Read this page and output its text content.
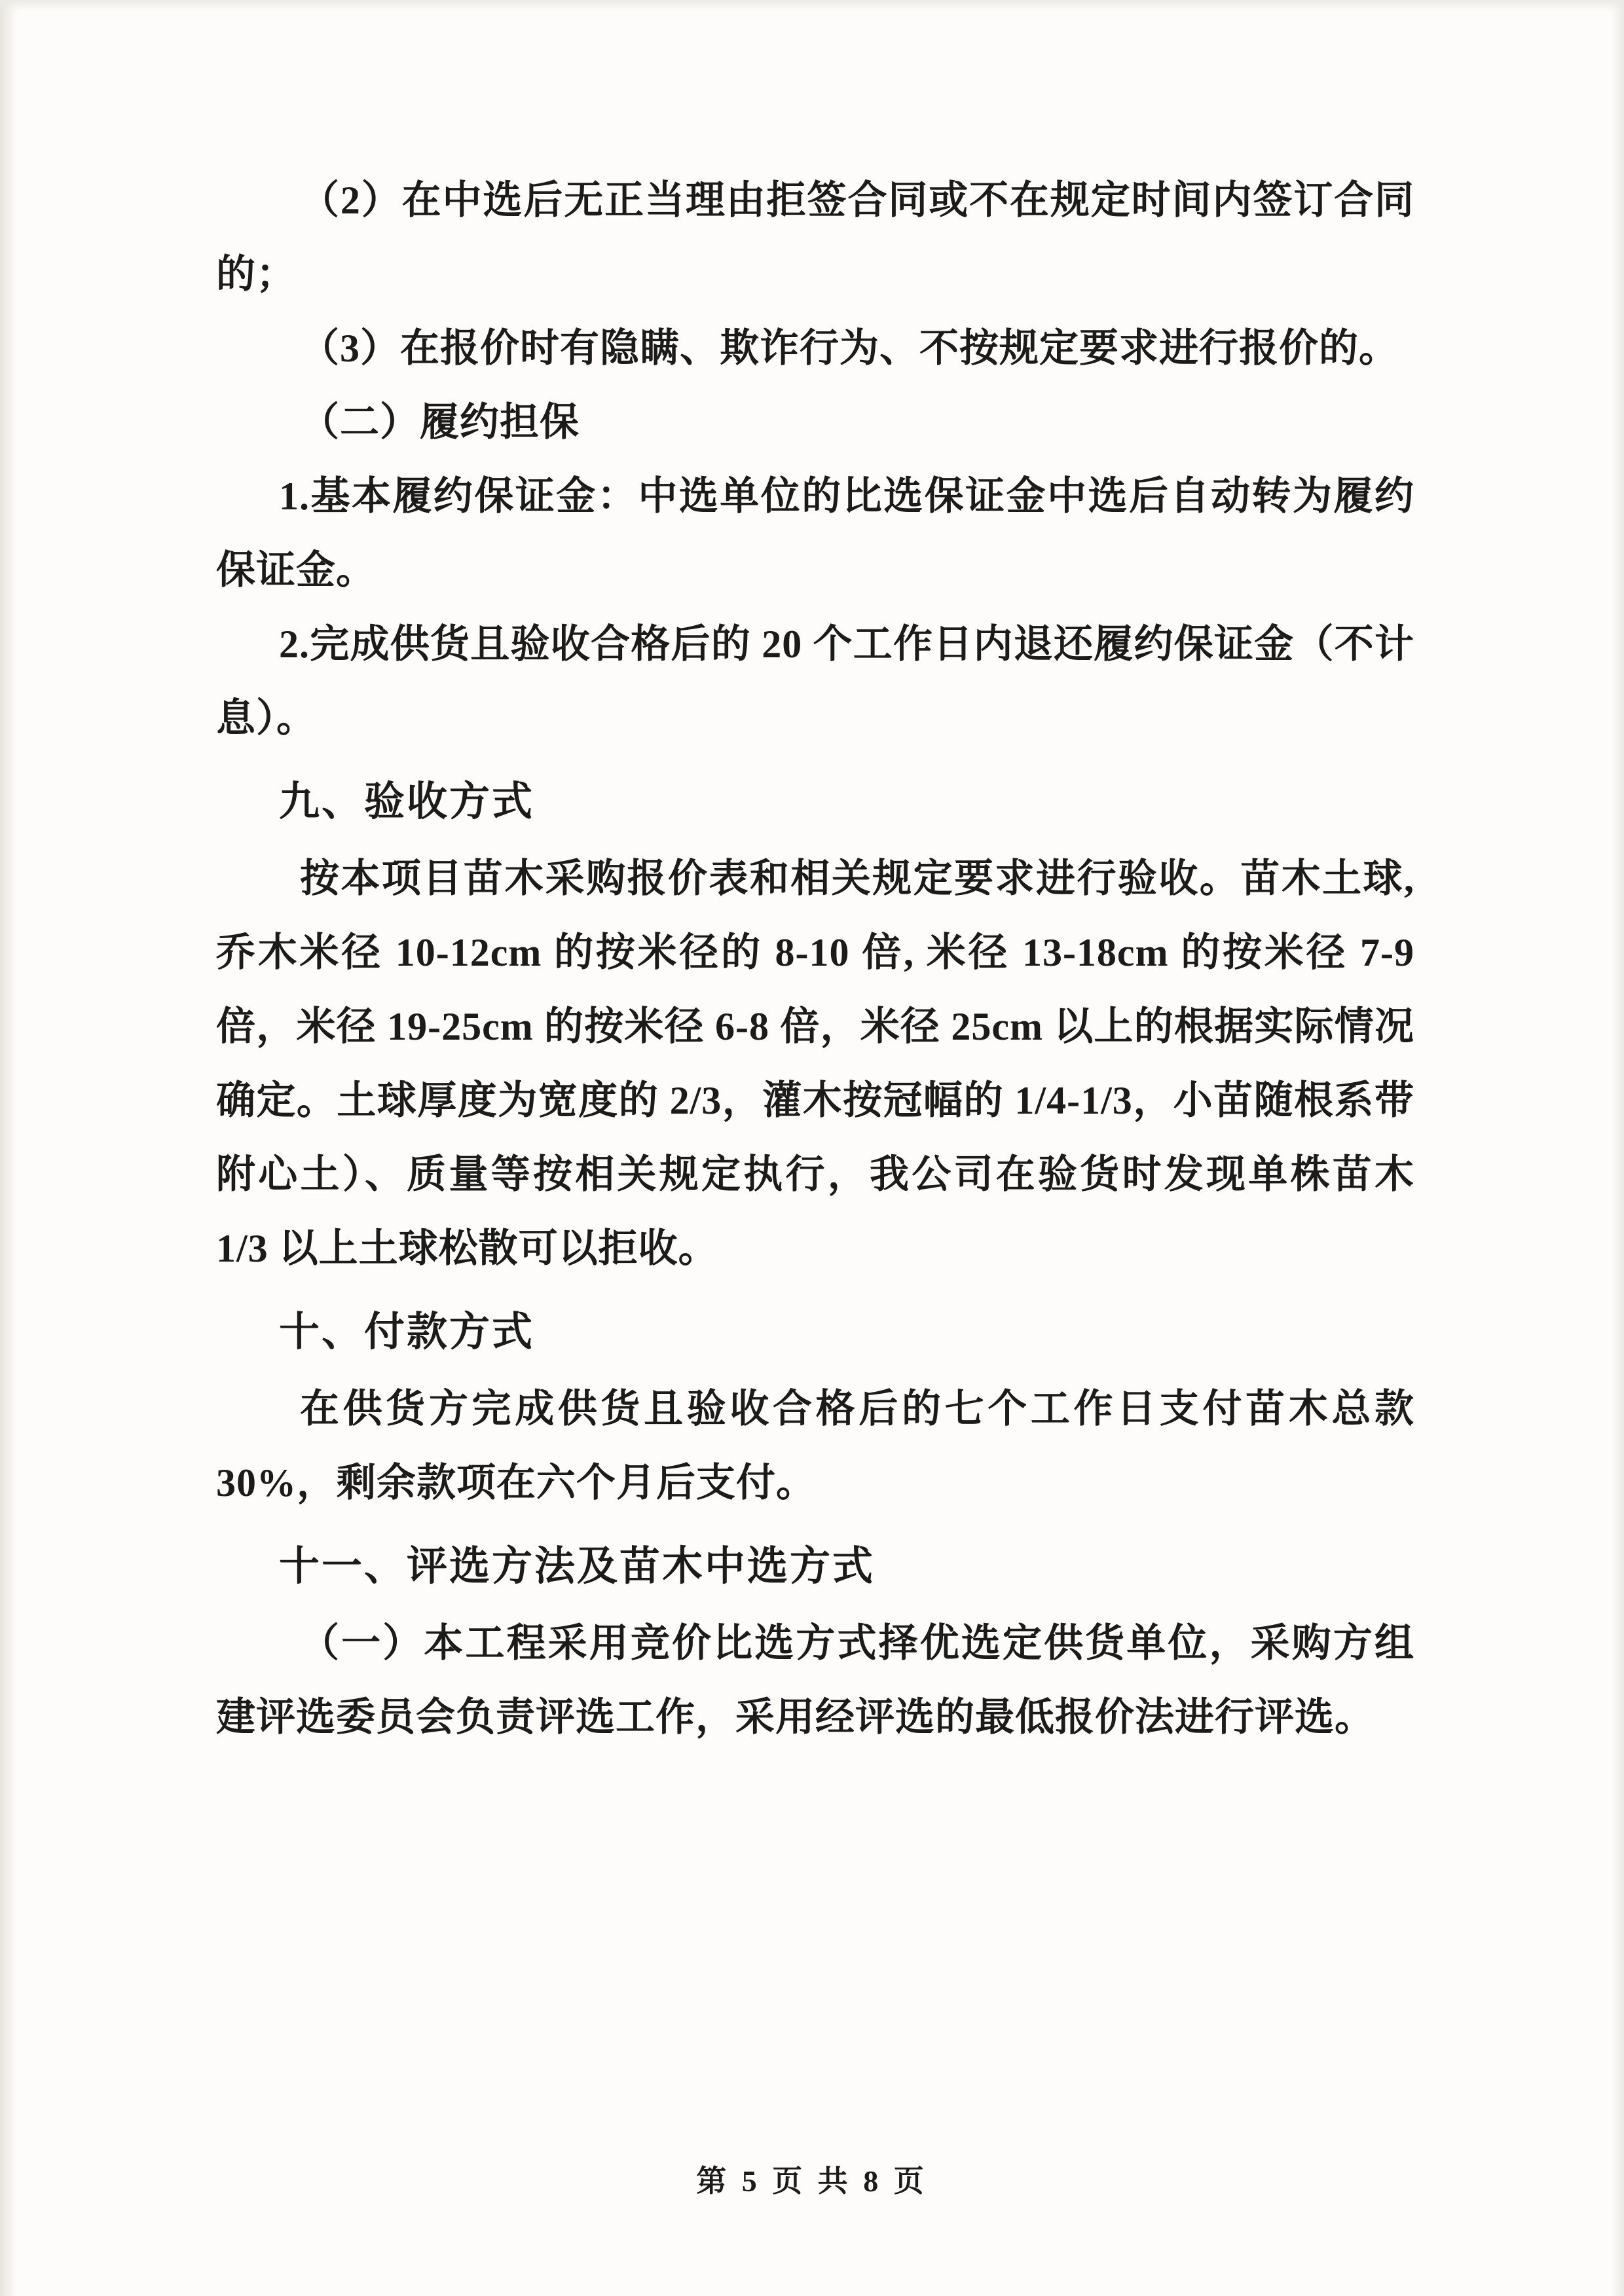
（2）在中选后无正当理由拒签合同或不在规定时间内签订合同的；

（3）在报价时有隐瞒、欺诈行为、不按规定要求进行报价的。

（二）履约担保

1.基本履约保证金：中选单位的比选保证金中选后自动转为履约保证金。

2.完成供货且验收合格后的 20 个工作日内退还履约保证金（不计息）。

九、验收方式

按本项目苗木采购报价表和相关规定要求进行验收。苗木土球,乔木米径 10-12cm 的按米径的 8-10 倍, 米径 13-18cm 的按米径 7-9 倍，米径 19-25cm 的按米径 6-8 倍，米径 25cm 以上的根据实际情况确定。土球厚度为宽度的 2/3，灌木按冠幅的 1/4-1/3，小苗随根系带附心土）、质量等按相关规定执行，我公司在验货时发现单株苗木 1/3 以上土球松散可以拒收。

十、付款方式

在供货方完成供货且验收合格后的七个工作日支付苗木总款 30%，剩余款项在六个月后支付。

十一、评选方法及苗木中选方式

（一）本工程采用竞价比选方式择优选定供货单位，采购方组建评选委员会负责评选工作，采用经评选的最低报价法进行评选。

第 5 页 共 8 页
